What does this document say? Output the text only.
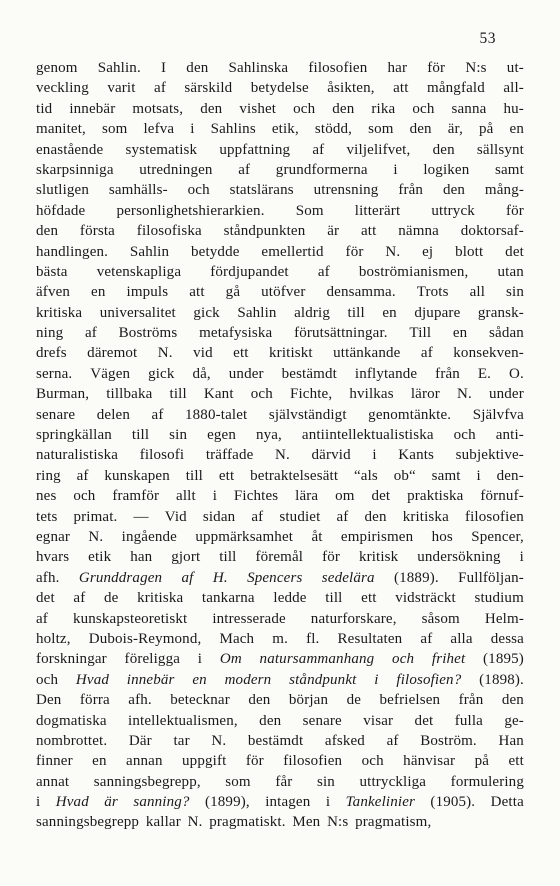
53
genom Sahlin. I den Sahlinska filosofien har för N:s ut-
veckling varit af särskild betydelse åsikten, att mångfald all-
tid innebär motsats, den vishet och den rika och sanna hu-
manitet, som lefva i Sahlins etik, stödd, som den är, på en
enastående systematisk uppfattning af viljelifvet, den sällsynt
skarpsinniga utredningen af grundformerna i logiken samt
slutligen samhälls- och statslärans utrensning från den mång-
höfdade personlighetshierarkien. Som litterärt uttryck för
den första filosofiska ståndpunkten är att nämna doktorsaf-
handlingen. Sahlin betydde emellertid för N. ej blott det
bästa vetenskapliga fördjupandet af boströmianismen, utan
äfven en impuls att gå utöfver densamma. Trots all sin
kritiska universalitet gick Sahlin aldrig till en djupare gransk-
ning af Boströms metafysiska förutsättningar. Till en sådan
drefs däremot N. vid ett kritiskt uttänkande af konsekven-
serna. Vägen gick då, under bestämdt inflytande från E. O.
Burman, tillbaka till Kant och Fichte, hvilkas läror N. under
senare delen af 1880-talet självständigt genomtänkte. Självfva
springkällan till sin egen nya, antiintellektualistiska och anti-
naturalistiska filosofi träffade N. därvid i Kants subjektive-
ring af kunskapen till ett betraktelsesätt “als ob“ samt i den-
nes och framför allt i Fichtes lära om det praktiska förnuf-
tets primat. — Vid sidan af studiet af den kritiska filosofien
egnar N. ingående uppmärksamhet åt empirismen hos Spencer,
hvars etik han gjort till föremål för kritisk undersökning i
afh. Grunddragen af H. Spencers sedelära (1889). Fullföljan-
det af de kritiska tankarna ledde till ett vidsträckt studium
af kunskapsteoretiskt intresserade naturforskare, såsom Helm-
holtz, Dubois-Reymond, Mach m. fl. Resultaten af alla dessa
forskningar föreligga i Om natursammanhang och frihet (1895)
och Hvad innebär en modern ståndpunkt i filosofien? (1898).
Den förra afh. betecknar den början de befrielsen från den
dogmatiska intellektualismen, den senare visar det fulla ge-
nombrottet. Där tar N. bestämdt afsked af Boström. Han
finner en annan uppgift för filosofien och hänvisar på ett
annat sanningsbegrepp, som får sin uttryckliga formulering
i Hvad är sanning? (1899), intagen i Tankelinier (1905). Detta
sanningsbegrepp kallar N. pragmatiskt. Men N:s pragmatism,
